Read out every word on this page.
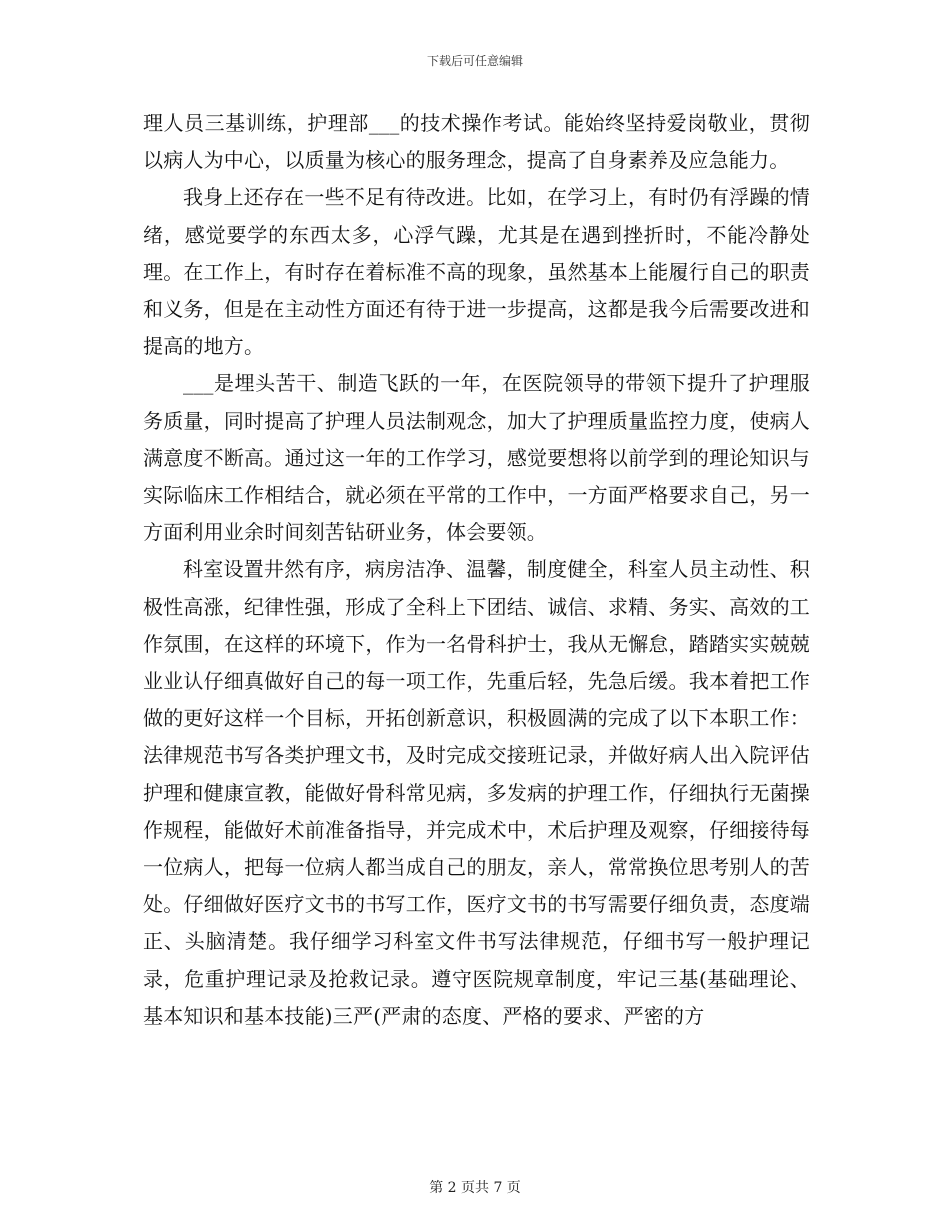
下载后可任意编辑

理人员三基训练，护理部___的技术操作考试。能始终坚持爱岗敬业，贯彻以病人为中心，以质量为核心的服务理念，提高了自身素养及应急能力。

我身上还存在一些不足有待改进。比如，在学习上，有时仍有浮躁的情绪，感觉要学的东西太多，心浮气躁，尤其是在遇到挫折时，不能冷静处理。在工作上，有时存在着标准不高的现象，虽然基本上能履行自己的职责和义务，但是在主动性方面还有待于进一步提高，这都是我今后需要改进和提高的地方。

___是埋头苦干、制造飞跃的一年，在医院领导的带领下提升了护理服务质量，同时提高了护理人员法制观念，加大了护理质量监控力度，使病人满意度不断高。通过这一年的工作学习，感觉要想将以前学到的理论知识与实际临床工作相结合，就必须在平常的工作中，一方面严格要求自己，另一方面利用业余时间刻苦钻研业务，体会要领。

科室设置井然有序，病房洁净、温馨，制度健全，科室人员主动性、积极性高涨，纪律性强，形成了全科上下团结、诚信、求精、务实、高效的工作氛围，在这样的环境下，作为一名骨科护士，我从无懈怠，踏踏实实兢兢业业认仔细真做好自己的每一项工作，先重后轻，先急后缓。我本着把工作做的更好这样一个目标，开拓创新意识，积极圆满的完成了以下本职工作：法律规范书写各类护理文书，及时完成交接班记录，并做好病人出入院评估护理和健康宣教，能做好骨科常见病，多发病的护理工作，仔细执行无菌操作规程，能做好术前准备指导，并完成术中，术后护理及观察，仔细接待每一位病人，把每一位病人都当成自己的朋友，亲人，常常换位思考别人的苦处。仔细做好医疗文书的书写工作，医疗文书的书写需要仔细负责，态度端正、头脑清楚。我仔细学习科室文件书写法律规范，仔细书写一般护理记录，危重护理记录及抢救记录。遵守医院规章制度，牢记三基(基础理论、基本知识和基本技能)三严(严肃的态度、严格的要求、严密的方

第 2 页共 7 页
